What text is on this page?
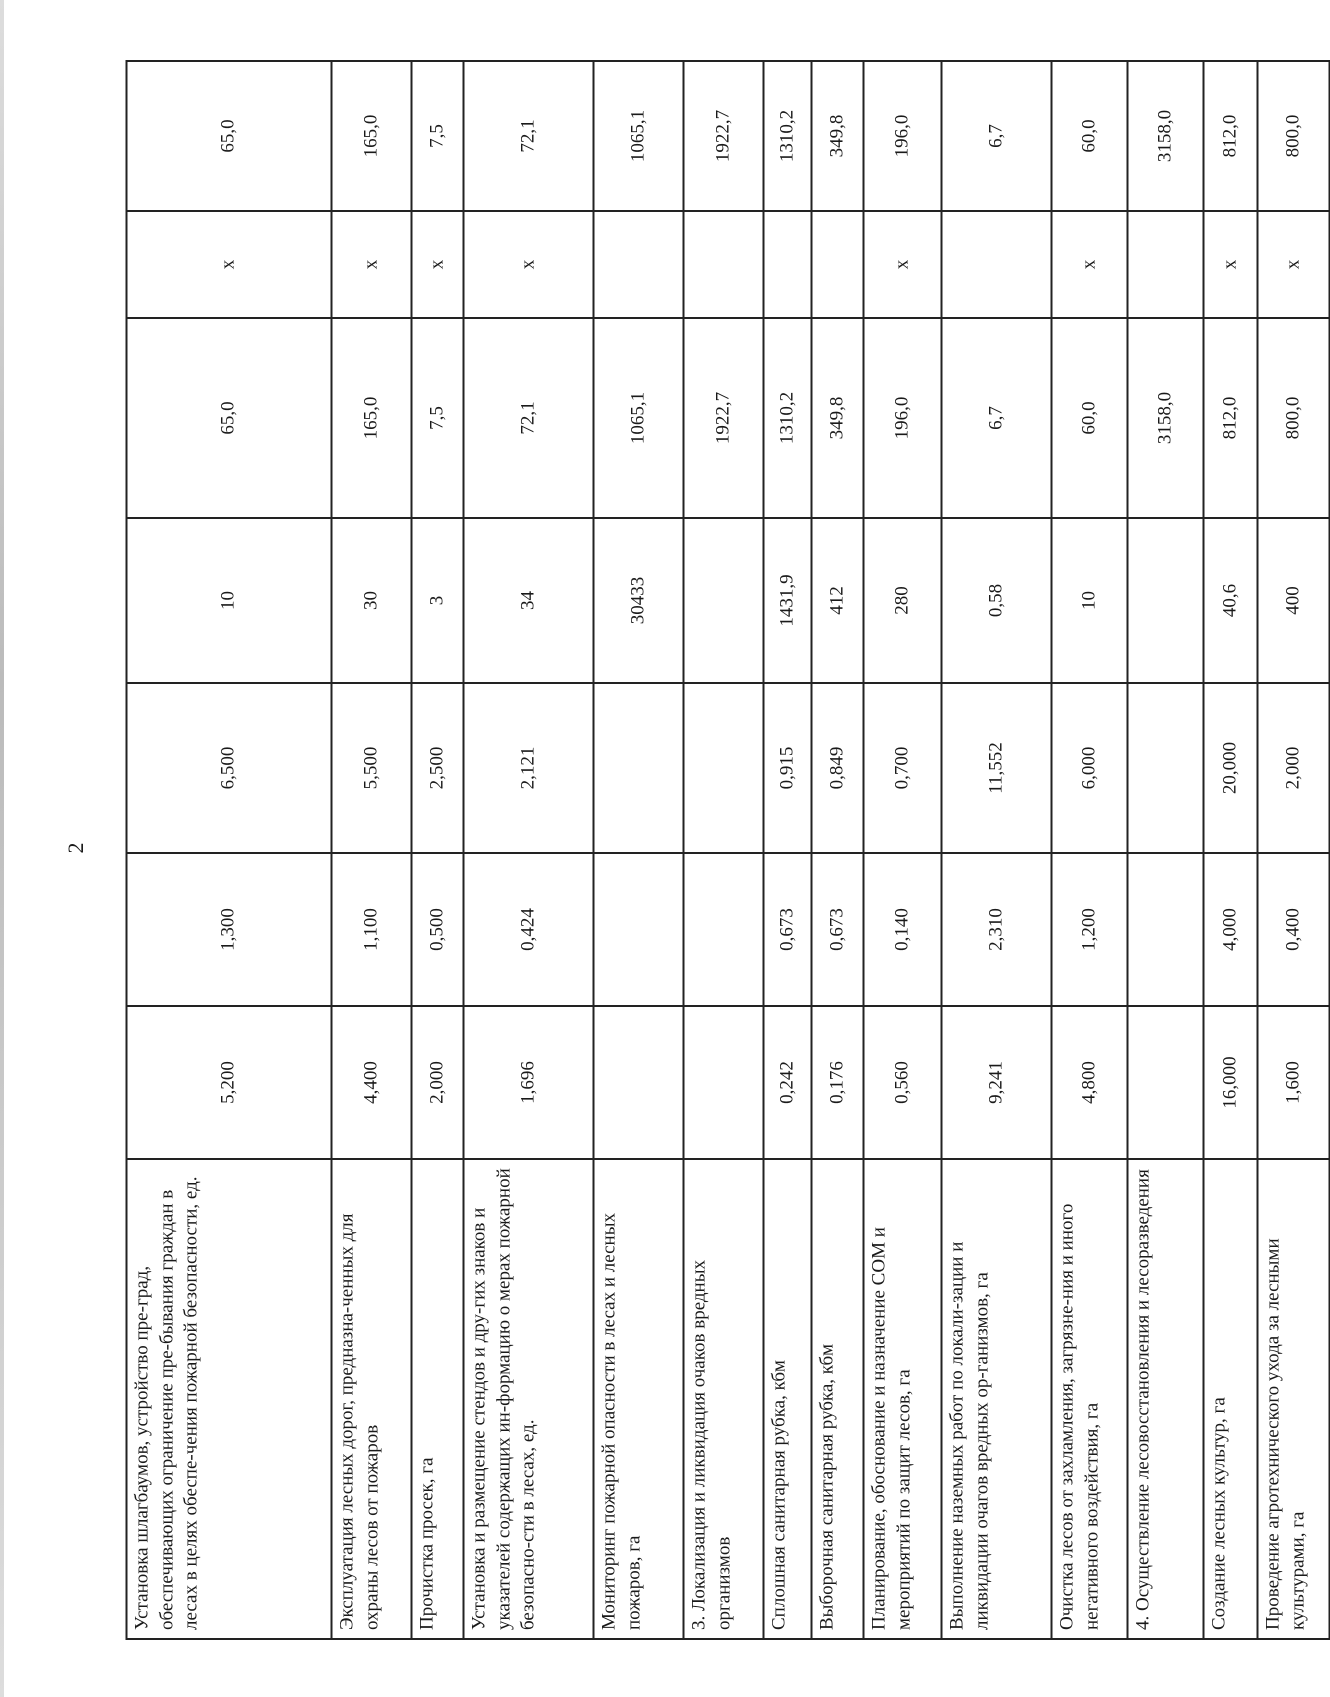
2
Установка шлагбаумов, устройство пре-град, обеспечивающих ограничение пре-бывания граждан в лесах в целях обеспе-чения пожарной безопасности, ед.	5,200	1,300	6,500	10	65,0	х	65,0
Эксплуатация лесных дорог, предназна-ченных для охраны лесов от пожаров	4,400	1,100	5,500	30	165,0	х	165,0
Прочистка просек, га	2,000	0,500	2,500	3	7,5	х	7,5
Установка и размещение стендов и дру-гих знаков и указателей содержащих ин-формацию о мерах пожарной безопасно-сти в лесах, ед.	1,696	0,424	2,121	34	72,1	х	72,1
Мониторинг пожарной опасности в лесах и лесных пожаров, га				30433	1065,1		1065,1
3. Локализация и ликвидация очаков вредных организмов					1922,7		1922,7
Сплошная санитарная рубка, кбм	0,242	0,673	0,915	1431,9	1310,2		1310,2
Выборочная санитарная рубка, кбм	0,176	0,673	0,849	412	349,8		349,8
Планирование, обоснование и назначение СОМ и мероприятий по защит лесов, га	0,560	0,140	0,700	280	196,0	х	196,0
Выполнение наземных работ по локали-зации и ликвидации очагов вредных ор-ганизмов, га	9,241	2,310	11,552	0,58	6,7		6,7
Очистка лесов от захламления, загрязне-ния и иного негативного воздействия, га	4,800	1,200	6,000	10	60,0	х	60,0
4. Осуществление лесовосстановления и лесоразведения					3158,0		3158,0
Создание лесных культур, га	16,000	4,000	20,000	40,6	812,0	х	812,0
Проведение агротехнического ухода за лесными культурами, га	1,600	0,400	2,000	400	800,0	х	800,0
